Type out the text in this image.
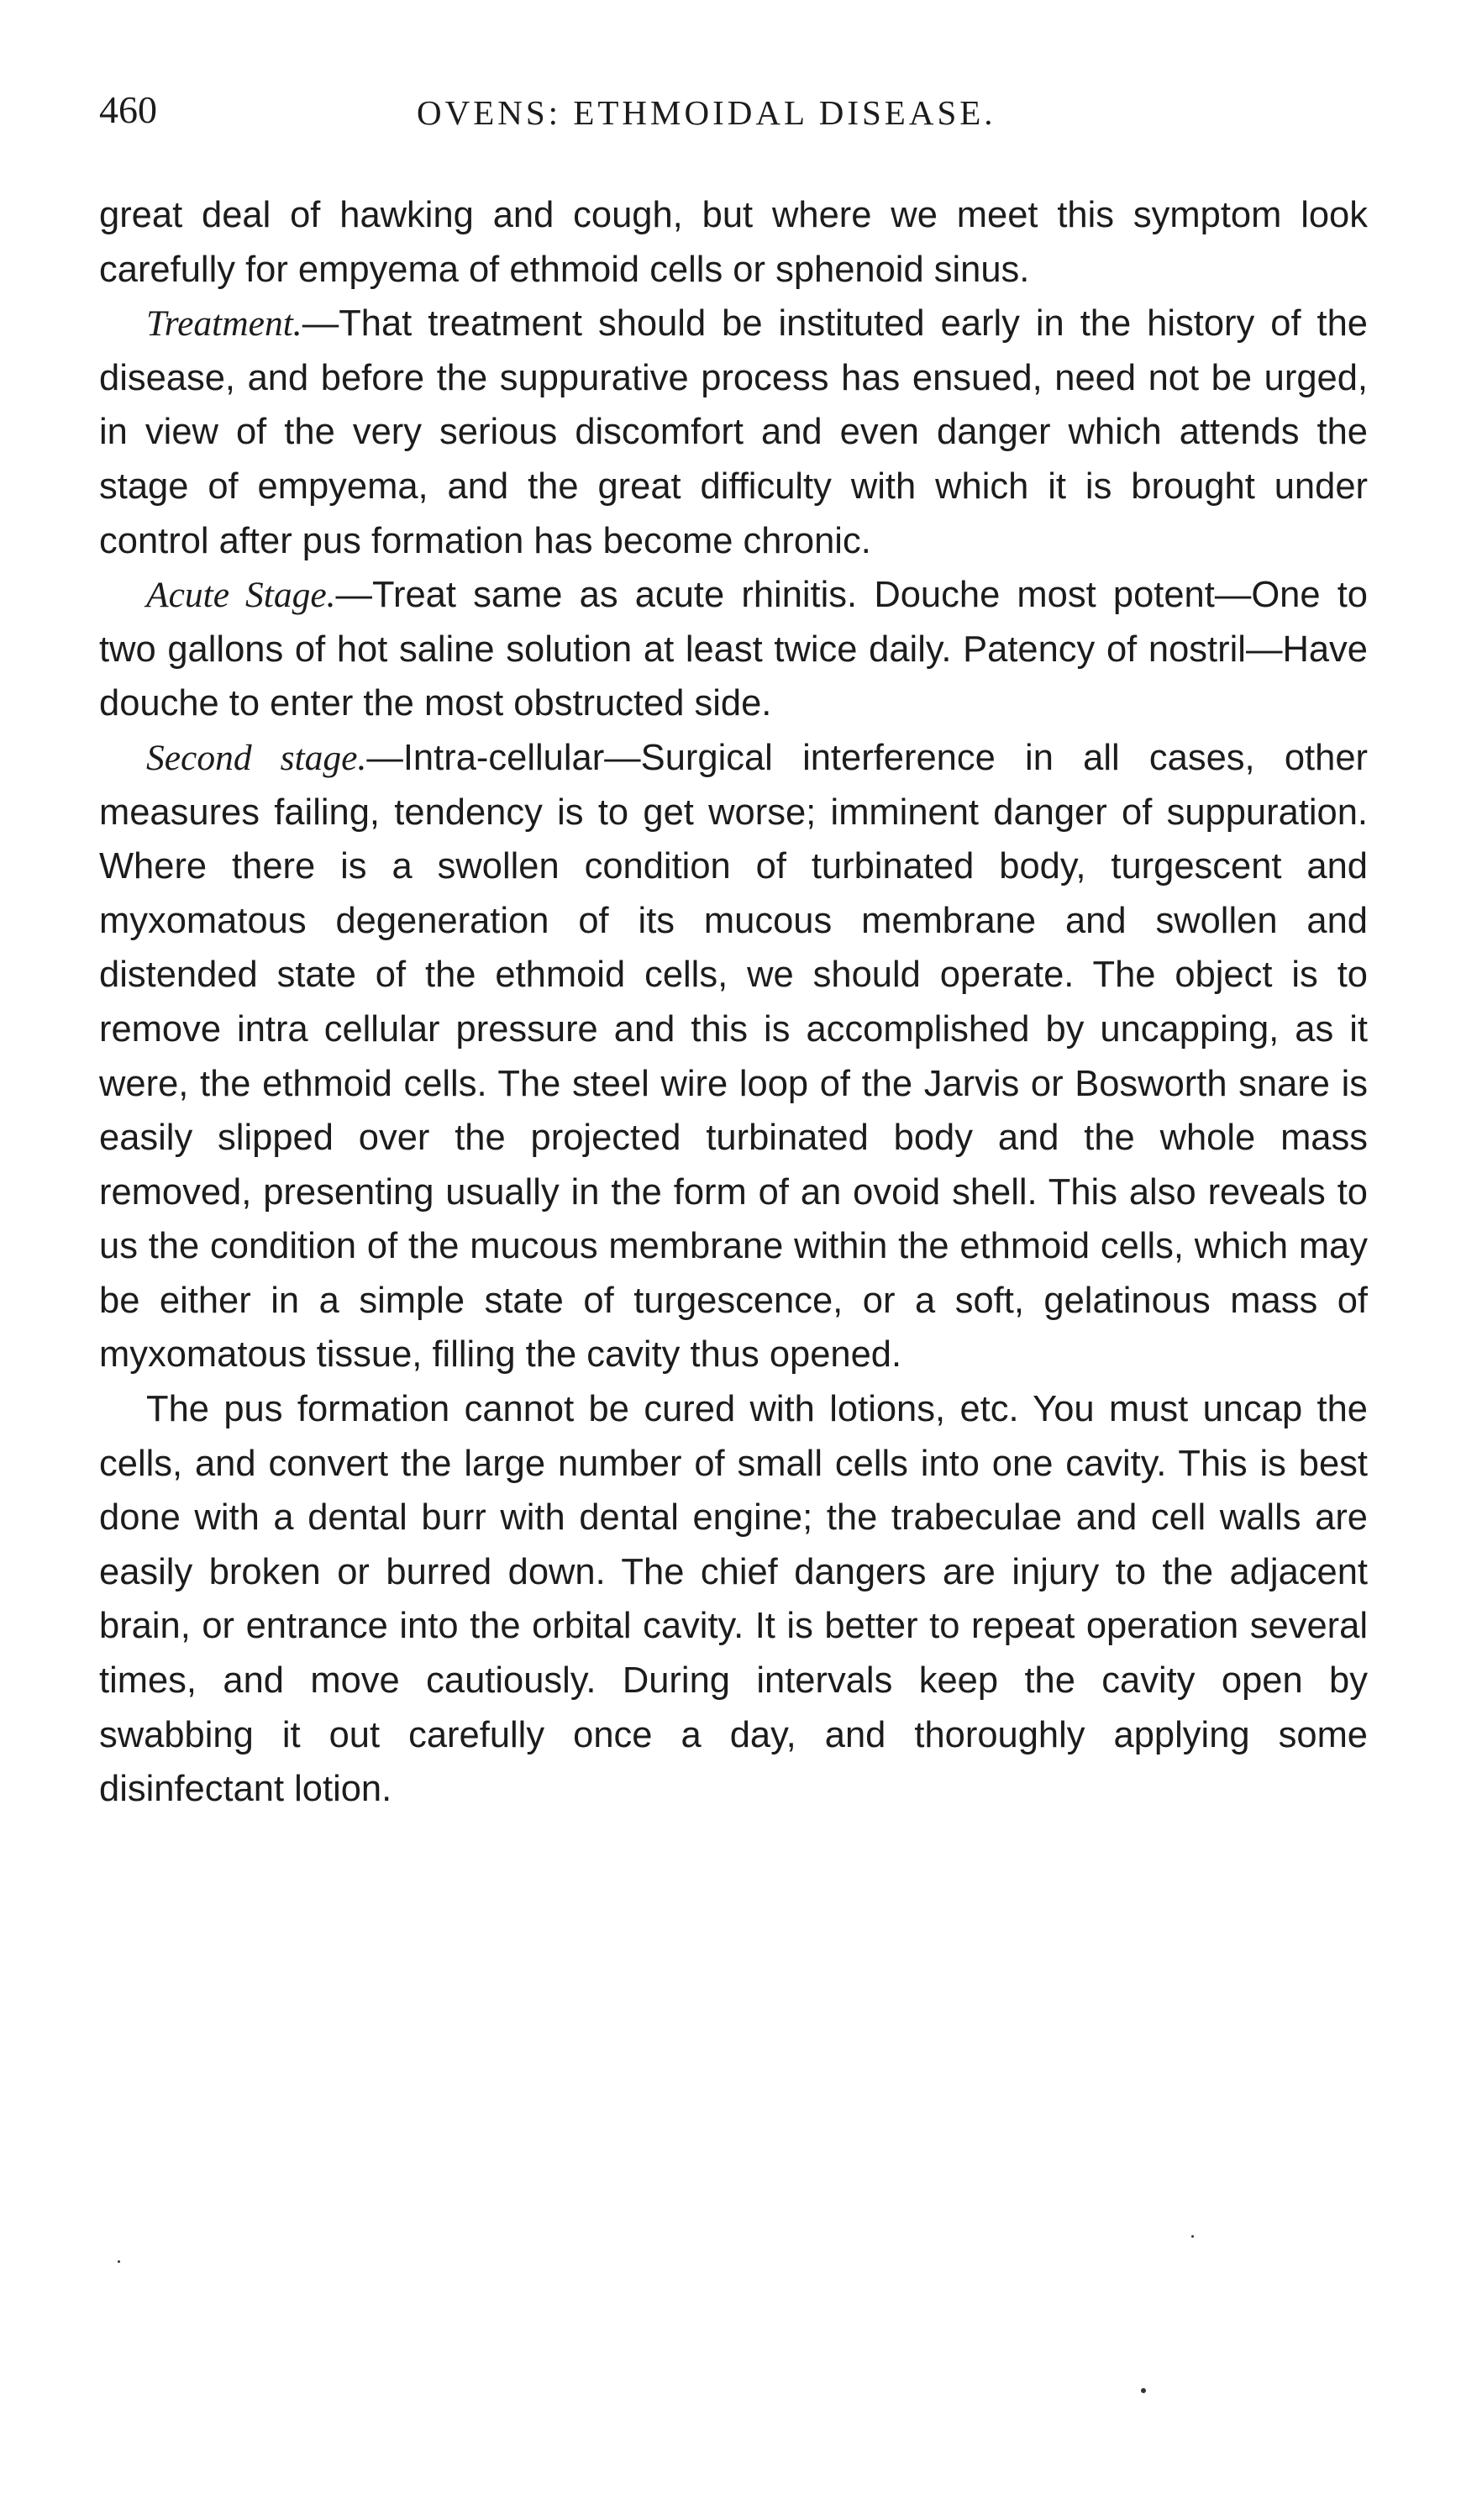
460	OVENS: ETHMOIDAL DISEASE.

great deal of hawking and cough, but where we meet this symptom look carefully for empyema of ethmoid cells or sphenoid sinus.

Treatment.—That treatment should be instituted early in the history of the disease, and before the suppurative process has ensued, need not be urged, in view of the very serious discomfort and even danger which attends the stage of empyema, and the great difficulty with which it is brought under control after pus formation has become chronic.

Acute Stage.—Treat same as acute rhinitis. Douche most potent—One to two gallons of hot saline solution at least twice daily. Patency of nostril—Have douche to enter the most obstructed side.

Second stage.—Intra-cellular—Surgical interference in all cases, other measures failing, tendency is to get worse; imminent danger of suppuration. Where there is a swollen condition of turbinated body, turgescent and myxomatous degeneration of its mucous membrane and swollen and distended state of the ethmoid cells, we should operate. The object is to remove intra cellular pressure and this is accomplished by uncapping, as it were, the ethmoid cells. The steel wire loop of the Jarvis or Bosworth snare is easily slipped over the projected turbinated body and the whole mass removed, presenting usually in the form of an ovoid shell. This also reveals to us the condition of the mucous membrane within the ethmoid cells, which may be either in a simple state of turgescence, or a soft, gelatinous mass of myxomatous tissue, filling the cavity thus opened.

The pus formation cannot be cured with lotions, etc. You must uncap the cells, and convert the large number of small cells into one cavity. This is best done with a dental burr with dental engine; the trabeculae and cell walls are easily broken or burred down. The chief dangers are injury to the adjacent brain, or entrance into the orbital cavity. It is better to repeat operation several times, and move cautiously. During intervals keep the cavity open by swabbing it out carefully once a day, and thoroughly applying some disinfectant lotion.
